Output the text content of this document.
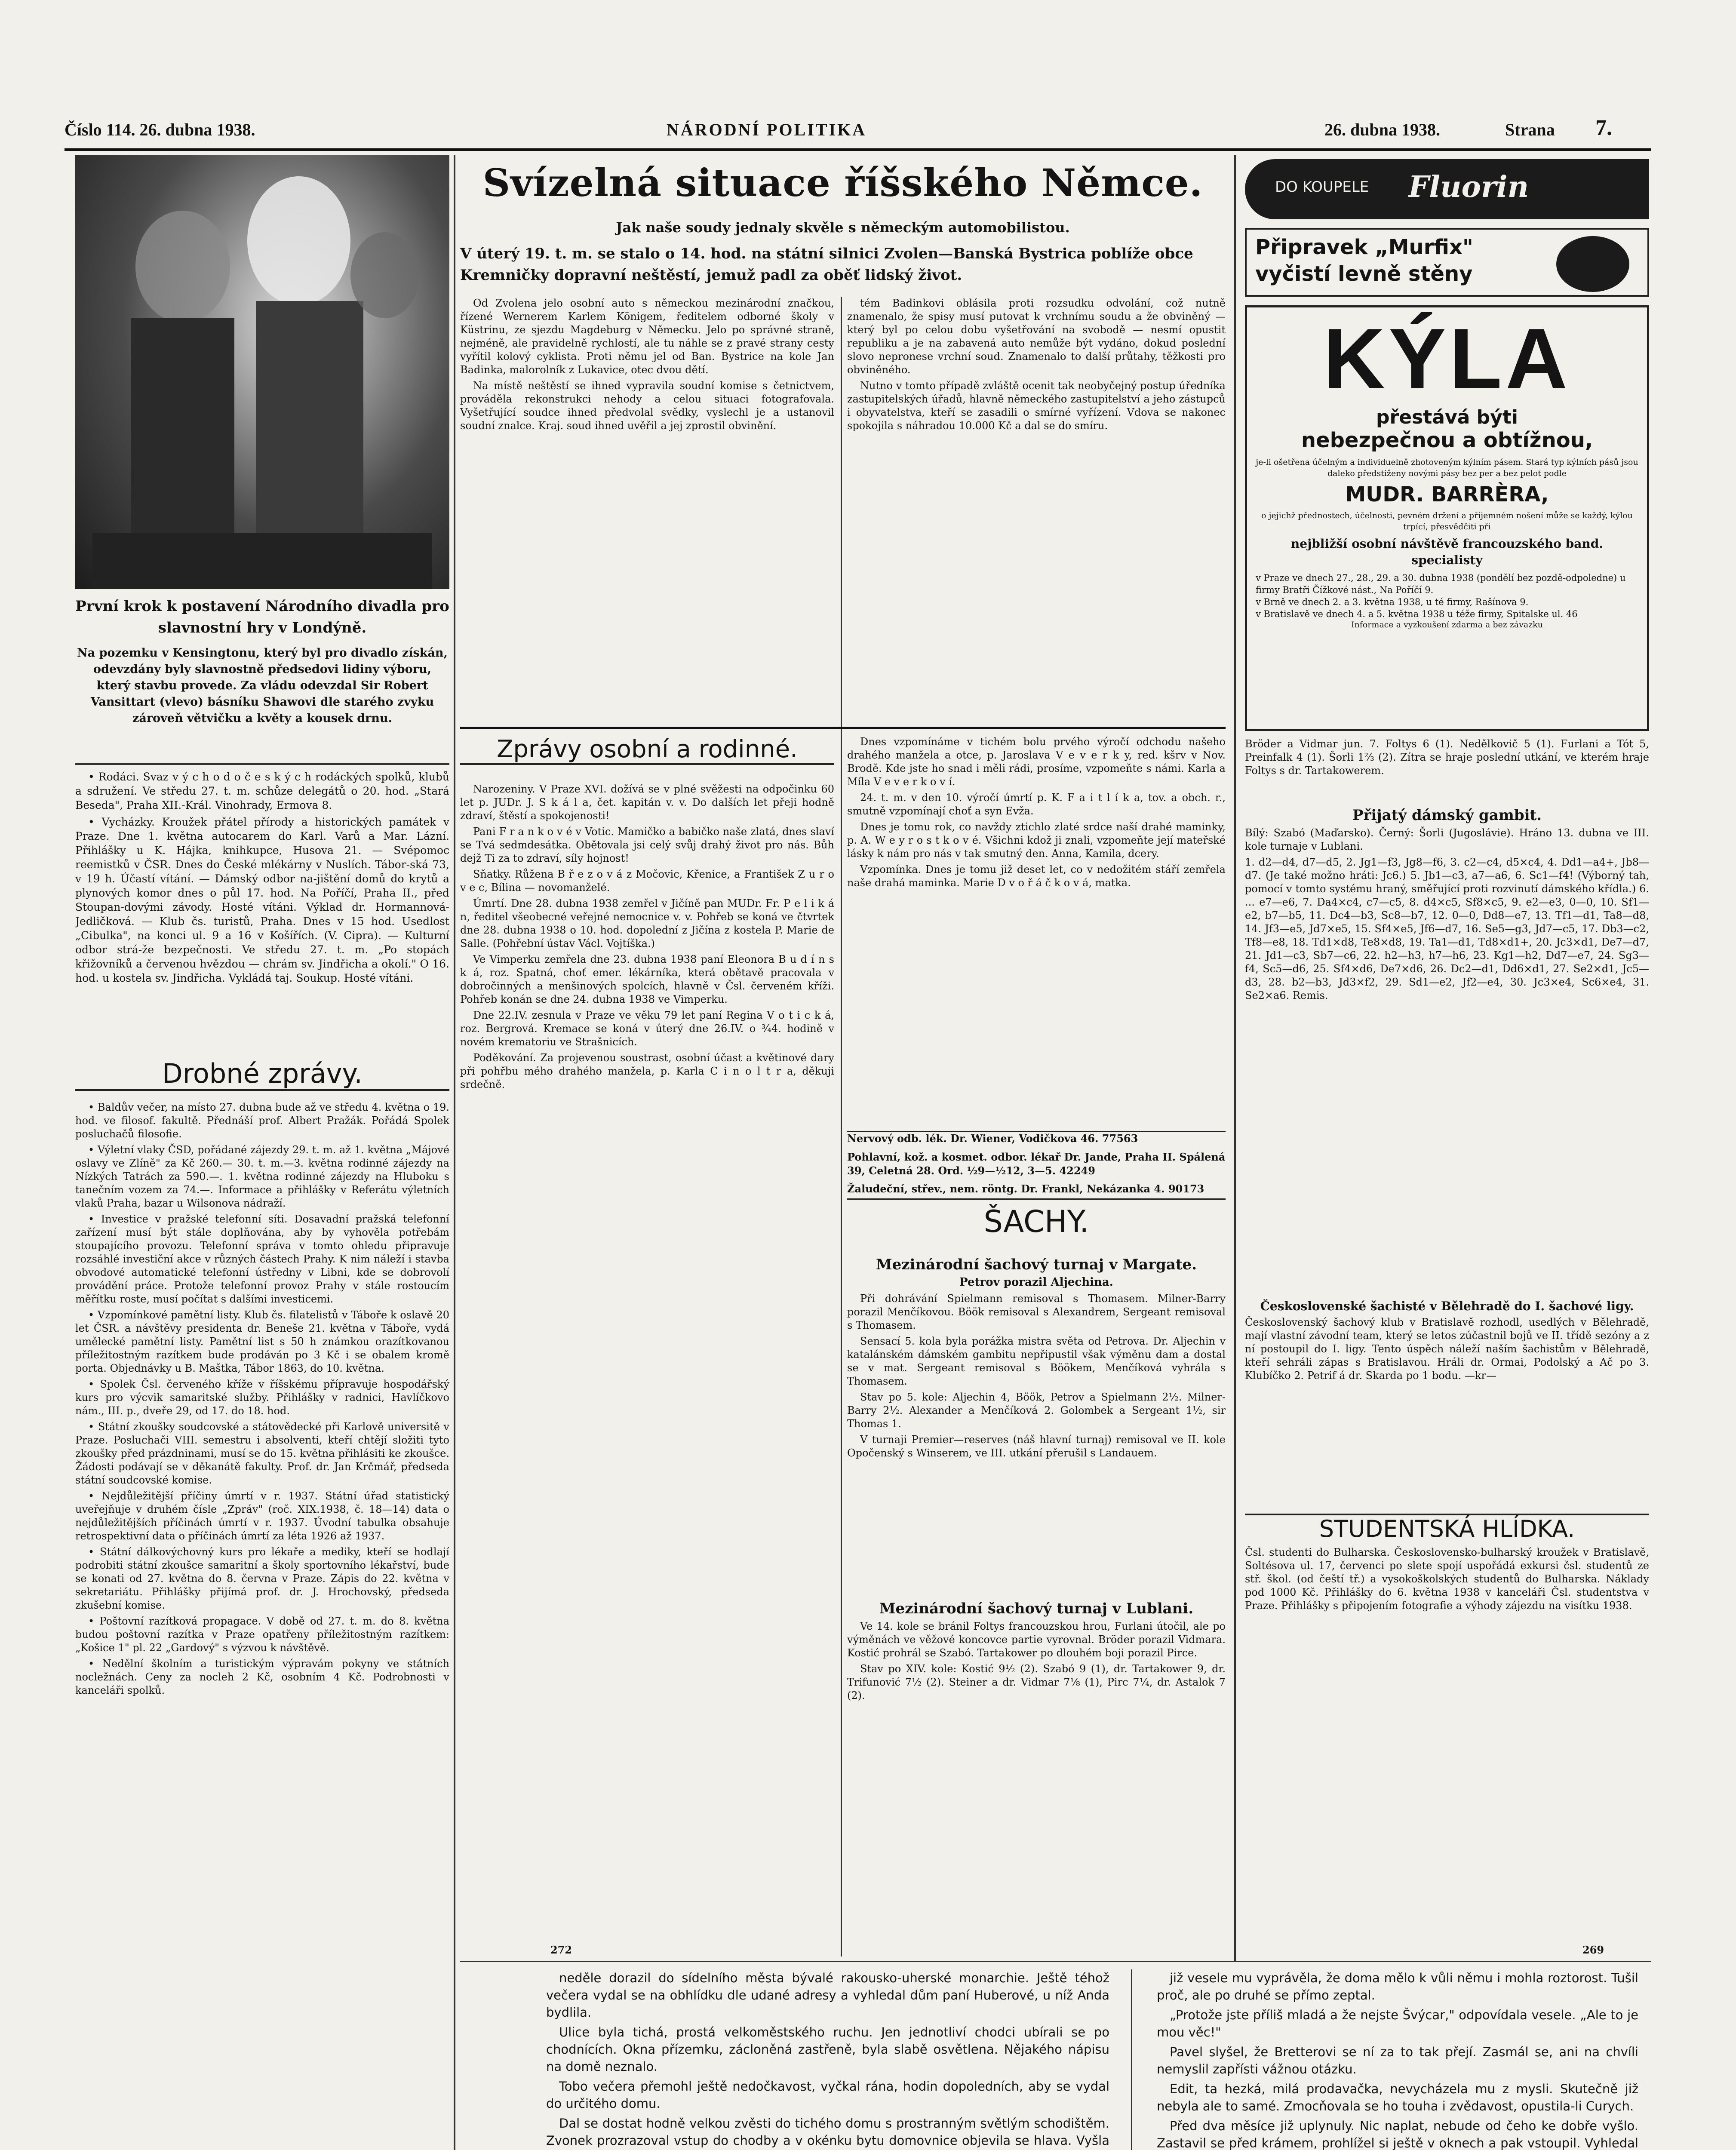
Číslo 114. 26. dubna 1938.	NÁRODNÍ POLITIKA	26. dubna 1938.	Strana	7.
První krok k postavení Národního divadla pro slavnostní hry v Londýně.
Na pozemku v Kensingtonu, který byl pro divadlo získán, odevzdány byly slavnostně předsedovi lidiny výboru, který stavbu provede. Za vládu odevzdal Sir Robert Vansittart (vlevo) básníku Shawovi dle starého zvyku zároveň větvičku a květy a kousek drnu.

• Rodáci. Svaz v ý c h o d o č e s k ý c h rodáckých spolků, klubů a sdružení. Ve středu 27. t. m. schůze delegátů o 20. hod. „Stará Beseda", Praha XII.-Král. Vinohrady, Ermova 8.

• Vycházky. Kroužek přátel přírody a historických památek v Praze. Dne 1. května autocarem do Karl. Varů a Mar. Lázní. Přihlášky u K. Hájka, knihkupce, Husova 21. — Svépomoc reemistků v ČSR. Dnes do České mlékárny v Nuslích. Tábor-ská 73, v 19 h. Účastí vítání. — Dámský odbor na-jištění domů do krytů a plynových komor dnes o půl 17. hod. Na Poříčí, Praha II., před Stoupan-dovými závody. Hosté vítáni. Výklad dr. Hormannová-Jedličková. — Klub čs. turistů, Praha. Dnes v 15 hod. Usedlost „Cibulka", na konci ul. 9 a 16 v Košířích. (V. Cipra). — Kulturní odbor strá-že bezpečnosti. Ve středu 27. t. m. „Po stopách křižovníků a červenou hvězdou — chrám sv. Jindřicha a okolí." O 16. hod. u kostela sv. Jindřicha. Vykládá taj. Soukup. Hosté vítáni.

Drobné zprávy.

• Baldův večer, na místo 27. dubna bude až ve středu 4. května o 19. hod. ve filosof. fakultě. Přednáší prof. Albert Pražák. Pořádá Spolek posluchačů filosofie.

• Výletní vlaky ČSD, pořádané zájezdy 29. t. m. až 1. května „Májové oslavy ve Zlíně" za Kč 260.— 30. t. m.—3. května rodinné zájezdy na Nízkých Tatrách za 590.—. 1. května rodinné zájezdy na Hluboku s tanečním vozem za 74.—. Informace a přihlášky v Referátu výletních vlaků Praha, bazar u Wilsonova nádraží.

• Investice v pražské telefonní síti. Dosavadní pražská telefonní zařízení musí být stále doplňována, aby by vyhověla potřebám stoupajícího provozu. Telefonní správa v tomto ohledu připravuje rozsáhlé investiční akce v různých částech Prahy. K nim náleží i stavba obvodové automatické telefonní ústředny v Libni, kde se dobrovolí provádění práce. Protože telefonní provoz Prahy v stále rostoucím měřítku roste, musí počítat s dalšími investicemi.

• Vzpomínkové pamětní listy. Klub čs. filatelistů v Táboře k oslavě 20 let ČSR. a návštěvy presidenta dr. Beneše 21. května v Táboře, vydá umělecké pamětní listy. Pamětní list s 50 h známkou orazítkovanou příležitostným razítkem bude prodáván po 3 Kč i se obalem kromě porta. Objednávky u B. Maštka, Tábor 1863, do 10. května.

• Spolek Čsl. červeného kříže v říšskému přípravuje hospodářský kurs pro výcvik samaritské služby. Přihlášky v radnici, Havlíčkovo nám., III. p., dveře 29, od 17. do 18. hod.

• Státní zkoušky soudcovské a státovědecké při Karlově universitě v Praze. Posluchači VIII. semestru i absolventi, kteří chtějí složiti tyto zkoušky před prázdninami, musí se do 15. května přihlásiti ke zkoušce. Žádosti podávají se v děkanátě fakulty. Prof. dr. Jan Krčmář, předseda státní soudcovské komise.

• Nejdůležitější příčiny úmrtí v r. 1937. Státní úřad statistický uveřejňuje v druhém čísle „Zpráv" (roč. XIX.1938, č. 18—14) data o nejdůležitějších příčinách úmrtí v r. 1937. Úvodní tabulka obsahuje retrospektivní data o příčinách úmrtí za léta 1926 až 1937.

• Státní dálkovýchovný kurs pro lékaře a mediky, kteří se hodlají podrobiti státní zkoušce samaritní a školy sportovního lékařství, bude se konati od 27. května do 8. června v Praze. Zápis do 22. května v sekretariátu. Přihlášky přijímá prof. dr. J. Hrochovský, předseda zkušební komise.

• Poštovní razítková propagace. V době od 27. t. m. do 8. května budou poštovní razítka v Praze opatřeny příležitostným razítkem: „Košice 1" pl. 22 „Gardový" s výzvou k návštěvě.

• Nedělní školním a turistickým výpravám pokyny ve státních nocležnách. Ceny za nocleh 2 Kč, osobním 4 Kč. Podrobnosti v kanceláři spolků.

Svízelná situace říšského Němce.
Jak naše soudy jednaly skvěle s německým automobilistou.
V úterý 19. t. m. se stalo o 14. hod. na státní silnici Zvolen—Banská Bystrica poblíže obce Kremničky dopravní neštěstí, jemuž padl za oběť lidský život.

Od Zvolena jelo osobní auto s německou mezinárodní značkou, řízené Wernerem Karlem Königem, ředitelem odborné školy v Küstrinu, ze sjezdu Magdeburg v Německu. Jelo po správné straně, nejméně, ale pravidelně rychlostí, ale tu náhle se z pravé strany cesty vyřítil kolový cyklista. Proti němu jel od Ban. Bystrice na kole Jan Badinka, malorolník z Lukavice, otec dvou dětí.

Na místě neštěstí se ihned vypravila soudní komise s četnictvem, prováděla rekonstrukci nehody a celou situaci fotografovala. Vyšetřující soudce ihned předvolal svědky, vyslechl je a ustanovil soudní znalce. Kraj. soud ihned uvěřil a jej zprostil obvinění.

tém Badinkovi oblásila proti rozsudku odvolání, což nutně znamenalo, že spisy musí putovat k vrchnímu soudu a že obviněný — který byl po celou dobu vyšetřování na svobodě — nesmí opustit republiku a je na zabavená auto nemůže být vydáno, dokud poslední slovo nepronese vrchní soud. Znamenalo to další průtahy, těžkosti pro obviněného.

Nutno v tomto případě zvláště ocenit tak neobyčejný postup úředníka zastupitelských úřadů, hlavně německého zastupitelství a jeho zástupců i obyvatelstva, kteří se zasadili o smírné vyřízení. Vdova se nakonec spokojila s náhradou 10.000 Kč a dal se do smíru.

Zprávy osobní a rodinné.

Narozeniny. V Praze XVI. dožívá se v plné svěžesti na odpočinku 60 let p. JUDr. J. S k á l a, čet. kapitán v. v. Do dalších let přeji hodně zdraví, štěstí a spokojenosti!

Pani F r a n k o v é v Votic. Mamičko a babičko naše zlatá, dnes slaví se Tvá sedmdesátka. Obětovala jsi celý svůj drahý život pro nás. Bůh dejž Ti za to zdraví, síly hojnost!

Sňatky. Růžena B ř e z o v á z Močovic, Křenice, a František Z u r o v e c, Bílina — novomanželé.

Úmrtí. Dne 28. dubna 1938 zemřel v Jičíně pan MUDr. Fr. P e l i k á n, ředitel všeobecné veřejné nemocnice v. v. Pohřeb se koná ve čtvrtek dne 28. dubna 1938 o 10. hod. dopolední z Jičína z kostela P. Marie de Salle. (Pohřební ústav Václ. Vojtíška.)

Ve Vimperku zemřela dne 23. dubna 1938 paní Eleonora B u d í n s k á, roz. Spatná, choť emer. lékárníka, která obětavě pracovala v dobročinných a menšinových spolcích, hlavně v Čsl. červeném kříži. Pohřeb konán se dne 24. dubna 1938 ve Vimperku.

Dne 22.IV. zesnula v Praze ve věku 79 let paní Regina V o t i c k á, roz. Bergrová. Kremace se koná v úterý dne 26.IV. o ¾4. hodině v novém krematoriu ve Strašnicích.

Poděkování. Za projevenou soustrast, osobní účast a květinové dary při pohřbu mého drahého manžela, p. Karla C i n o l t r a, děkuji srdečně.

Dnes vzpomínáme v tichém bolu prvého výročí odchodu našeho drahého manžela a otce, p. Jaroslava V e v e r k y, red. kšrv v Nov. Brodě. Kde jste ho snad i měli rádi, prosíme, vzpomeňte s námi. Karla a Míla V e v e r k o v í.

24. t. m. v den 10. výročí úmrtí p. K. F a i t l í k a, tov. a obch. r., smutně vzpomínají choť a syn Evža.

Dnes je tomu rok, co navždy ztichlo zlaté srdce naší drahé maminky, p. A. W e y r o s t k o v é. Všichni kdož ji znali, vzpomeňte její mateřské lásky k nám pro nás v tak smutný den. Anna, Kamila, dcery.

Vzpomínka. Dnes je tomu již deset let, co v nedožitém stáří zemřela naše drahá maminka. Marie D v o ř á č k o v á, matka.

Nervový odb. lék. Dr. Wiener, Vodičkova 46. 77563
Pohlavní, kož. a kosmet. odbor. lékař Dr. Jande, Praha II. Spálená 39, Celetná 28. Ord. ½9—½12, 3—5. 42249
Žaludeční, střev., nem. röntg. Dr. Frankl, Nekázanka 4. 90173
ŠACHY.
Mezinárodní šachový turnaj v Margate.
Petrov porazil Aljechina.

Při dohrávání Spielmann remisoval s Thomasem. Milner-Barry porazil Menčíkovou. Böök remisoval s Alexandrem, Sergeant remisoval s Thomasem.

Sensací 5. kola byla porážka mistra světa od Petrova. Dr. Aljechin v katalánském dámském gambitu nepřipustil však výměnu dam a dostal se v mat. Sergeant remisoval s Böökem, Menčíková vyhrála s Thomasem.

Stav po 5. kole: Aljechin 4, Böök, Petrov a Spielmann 2½. Milner-Barry 2½. Alexander a Menčíková 2. Golombek a Sergeant 1½, sir Thomas 1.

V turnaji Premier—reserves (náš hlavní turnaj) remisoval ve II. kole Opočenský s Winserem, ve III. utkání přerušil s Landauem.

Mezinárodní šachový turnaj v Lublani.

Ve 14. kole se bránil Foltys francouzskou hrou, Furlani útočil, ale po výměnách ve věžové koncovce partie vyrovnal. Bröder porazil Vidmara. Kostić prohrál se Szabó. Tartakower po dlouhém boji porazil Pirce.

Stav po XIV. kole: Kostić 9½ (2). Szabó 9 (1), dr. Tartakower 9, dr. Trifunović 7½ (2). Steiner a dr. Vidmar 7⅛ (1), Pirc 7¼, dr. Astalok 7 (2).

DO KOUPELE	Fluorin
Připravek „Murfix" vyčistí levně stěny
KÝLA
přestává býti
nebezpečnou a obtížnou,
je-li ošetřena účelným a individuelně zhotoveným kýlním pásem. Stará typ kýlních pásů jsou daleko předstiženy novými pásy bez per a bez pelot podle
MUDR. BARRÈRA,
o jejichž přednostech, účelnosti, pevném držení a příjemném nošení může se každý, kýlou trpící, přesvědčiti při
nejbližší osobní návštěvě francouzského band. specialisty
v Praze ve dnech 27., 28., 29. a 30. dubna 1938 (pondělí bez pozdě-odpoledne) u firmy Bratři Čížkové nást., Na Poříčí 9.
v Brně ve dnech 2. a 3. května 1938, u té firmy, Rašínova 9.
v Bratislavě ve dnech 4. a 5. května 1938 u téže firmy, Spitalske ul. 46
Informace a vyzkoušení zdarma a bez závazku
Bröder a Vidmar jun. 7. Foltys 6 (1). Nedělkovič 5 (1). Furlani a Tót 5, Preinfalk 4 (1). Šorli 1⅔ (2). Zítra se hraje poslední utkání, ve kterém hraje Foltys s dr. Tartakowerem.
Přijatý dámský gambit.
Bílý: Szabó (Maďarsko). Černý: Šorli (Jugoslávie). Hráno 13. dubna ve III. kole turnaje v Lublani.
1. d2—d4, d7—d5, 2. Jg1—f3, Jg8—f6, 3. c2—c4, d5×c4, 4. Dd1—a4+, Jb8—d7. (Je také možno hráti: Jc6.) 5. Jb1—c3, a7—a6, 6. Sc1—f4! (Výborný tah, pomocí v tomto systému hraný, směřující proti rozvinutí dámského křídla.) 6. ... e7—e6, 7. Da4×c4, c7—c5, 8. d4×c5, Sf8×c5, 9. e2—e3, 0—0, 10. Sf1—e2, b7—b5, 11. Dc4—b3, Sc8—b7, 12. 0—0, Dd8—e7, 13. Tf1—d1, Ta8—d8, 14. Jf3—e5, Jd7×e5, 15. Sf4×e5, Jf6—d7, 16. Se5—g3, Jd7—c5, 17. Db3—c2, Tf8—e8, 18. Td1×d8, Te8×d8, 19. Ta1—d1, Td8×d1+, 20. Jc3×d1, De7—d7, 21. Jd1—c3, Sb7—c6, 22. h2—h3, h7—h6, 23. Kg1—h2, Dd7—e7, 24. Sg3—f4, Sc5—d6, 25. Sf4×d6, De7×d6, 26. Dc2—d1, Dd6×d1, 27. Se2×d1, Jc5—d3, 28. b2—b3, Jd3×f2, 29. Sd1—e2, Jf2—e4, 30. Jc3×e4, Sc6×e4, 31. Se2×a6. Remis.
Československé šachisté v Bělehradě do I. šachové ligy.
Československý šachový klub v Bratislavě rozhodl, usedlých v Bělehradě, mají vlastní závodní team, který se letos zúčastnil bojů ve II. třídě sezóny a z ní postoupil do I. ligy. Tento úspěch náleží naším šachistům v Bělehradě, kteří sehráli zápas s Bratislavou. Hráli dr. Ormai, Podolský a Ač po 3. Klubíčko 2. Petrif á dr. Skarda po 1 bodu. —kr—
STUDENTSKÁ HLÍDKA.
Čsl. studenti do Bulharska. Československo-bulharský kroužek v Bratislavě, Soltésova ul. 17, červenci po slete spojí uspořádá exkursi čsl. studentů ze stř. škol. (od čeští tř.) a vysokoškolských studentů do Bulharska. Náklady pod 1000 Kč. Přihlášky do 6. května 1938 v kanceláři Čsl. studentstva v Praze. Přihlášky s připojením fotografie a výhody zájezdu na visítku 1938.
272	269

neděle dorazil do sídelního města bývalé rakousko-uherské monarchie. Ještě téhož večera vydal se na obhlídku dle udané adresy a vyhledal dům paní Huberové, u níž Anda bydlila.

Ulice byla tichá, prostá velkoměstského ruchu. Jen jednotliví chodci ubírali se po chodnících. Okna přízemku, zácloněná zastřeně, byla slabě osvětlena. Nějakého nápisu na domě neznalo.

Tobo večera přemohl ještě nedočkavost, vyčkal rána, hodin dopoledních, aby se vydal do určitého domu.

Dal se dostat hodně velkou zvěsti do tichého domu s prostranným světlým schodištěm. Zvonek prozrazoval vstup do chodby a v okénku bytu domovnice objevila se hlava. Vyšla

již vesele mu vyprávěla, že doma mělo k vůli němu i mohla roztorost. Tušil proč, ale po druhé se přímo zeptal.

„Protože jste příliš mladá a že nejste Švýcar," odpovídala vesele. „Ale to je mou věc!"

Pavel slyšel, že Bretterovi se ní za to tak přejí. Zasmál se, ani na chvíli nemyslil zapřísti vážnou otázku.

Edit, ta hezká, milá prodavačka, nevycházela mu z mysli. Skutečně již nebyla ale to samé. Zmocňovala se ho touha i zvědavost, opustila-li Curych.

Před dva měsíce již uplynuly. Nic naplat, nebude od čeho ke dobře vyšlo. Zastavil se před krámem, prohlížel si ještě v oknech a pak vstoupil. Vyhledal
